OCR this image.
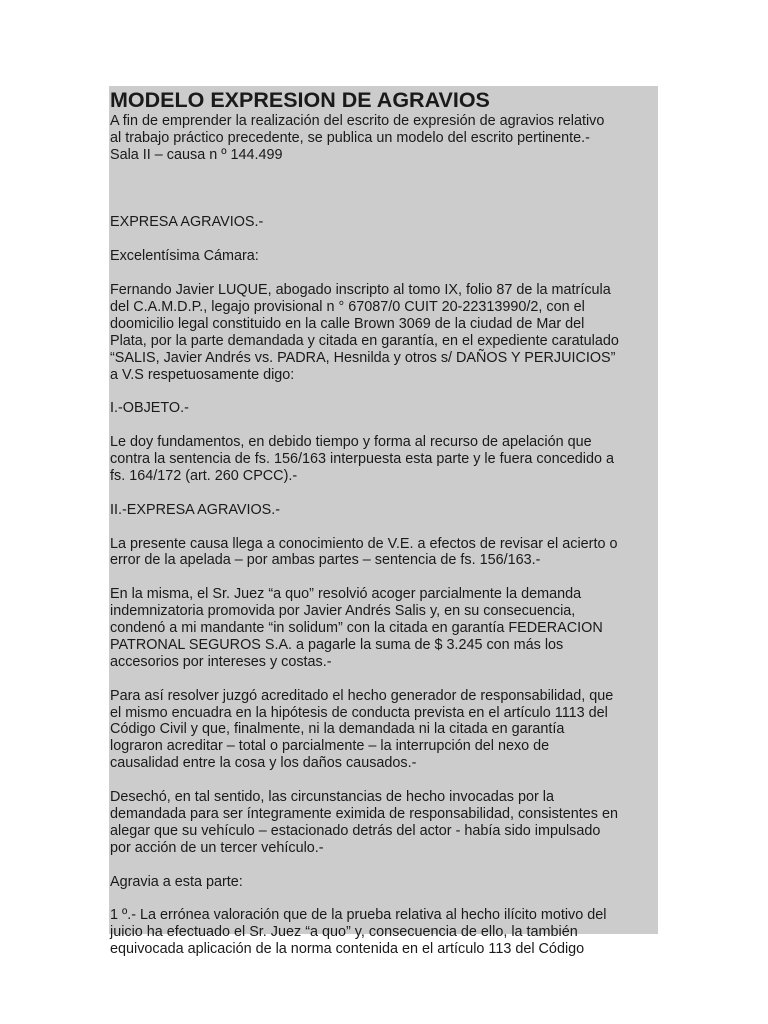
MODELO EXPRESION DE AGRAVIOS
A fin de emprender la realización del escrito de expresión de agravios relativo
al trabajo práctico precedente, se publica un modelo del escrito pertinente.-
Sala II – causa n º 144.499
EXPRESA AGRAVIOS.-
Excelentísima Cámara:
Fernando Javier LUQUE, abogado inscripto al tomo IX, folio 87 de la matrícula
del C.A.M.D.P., legajo provisional n ° 67087/0 CUIT 20-22313990/2, con el
doomicilio legal constituido en la calle Brown 3069 de la ciudad de Mar del
Plata, por la parte demandada y citada en garantía, en el expediente caratulado
“SALIS, Javier Andrés vs. PADRA, Hesnilda y otros s/ DAÑOS Y PERJUICIOS”
a V.S respetuosamente digo:
I.-OBJETO.-
Le doy fundamentos, en debido tiempo y forma al recurso de apelación que
contra la sentencia de fs. 156/163 interpuesta esta parte y le fuera concedido a
fs. 164/172 (art. 260 CPCC).-
II.-EXPRESA AGRAVIOS.-
La presente causa llega a conocimiento de V.E. a efectos de revisar el acierto o
error de la apelada – por ambas partes – sentencia de fs. 156/163.-
En la misma, el Sr. Juez “a quo” resolvió acoger parcialmente la demanda
indemnizatoria promovida por Javier Andrés Salis y, en su consecuencia,
condenó a mi mandante “in solidum” con la citada en garantía FEDERACION
PATRONAL SEGUROS S.A. a pagarle la suma de $ 3.245 con más los
accesorios por intereses y costas.-
Para así resolver juzgó acreditado el hecho generador de responsabilidad, que
el mismo encuadra en la hipótesis de conducta prevista en el artículo 1113 del
Código Civil y que, finalmente, ni la demandada ni la citada en garantía
lograron acreditar – total o parcialmente – la interrupción del nexo de
causalidad entre la cosa y los daños causados.-
Desechó, en tal sentido, las circunstancias de hecho invocadas por la
demandada para ser íntegramente eximida de responsabilidad, consistentes en
alegar que su vehículo – estacionado detrás del actor - había sido impulsado
por acción de un tercer vehículo.-
Agravia a esta parte:
1 º.- La errónea valoración que de la prueba relativa al hecho ilícito motivo del
juicio ha efectuado el Sr. Juez “a quo” y, consecuencia de ello, la también
equivocada aplicación de la norma contenida en el artículo 113 del Código
